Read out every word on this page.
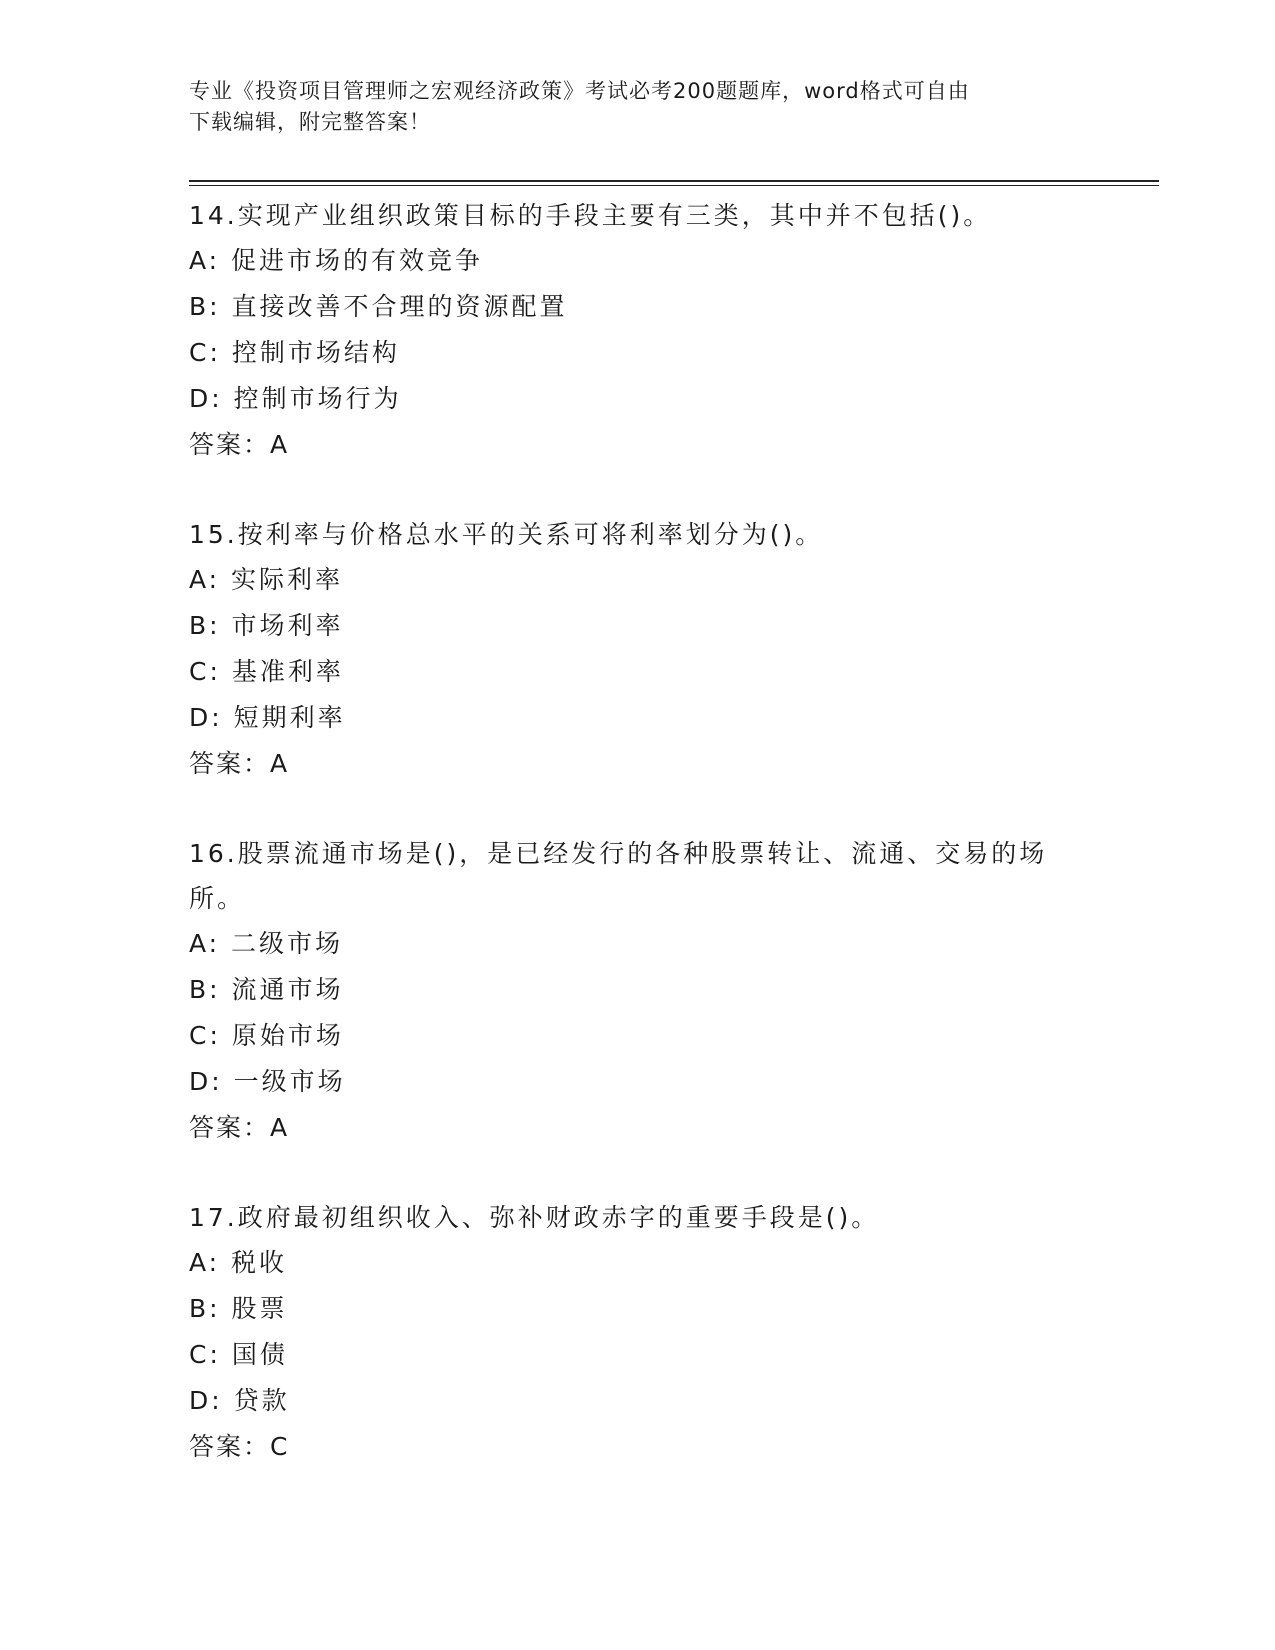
专业《投资项目管理师之宏观经济政策》考试必考200题题库，word格式可自由
下载编辑，附完整答案！

14.实现产业组织政策目标的手段主要有三类，其中并不包括()。

A: 促进市场的有效竞争

B: 直接改善不合理的资源配置

C: 控制市场结构

D: 控制市场行为

答案：A

15.按利率与价格总水平的关系可将利率划分为()。

A: 实际利率

B: 市场利率

C: 基准利率

D: 短期利率

答案：A

16.股票流通市场是()，是已经发行的各种股票转让、流通、交易的场所。

A: 二级市场

B: 流通市场

C: 原始市场

D: 一级市场

答案：A

17.政府最初组织收入、弥补财政赤字的重要手段是()。

A: 税收

B: 股票

C: 国债

D: 贷款

答案：C
